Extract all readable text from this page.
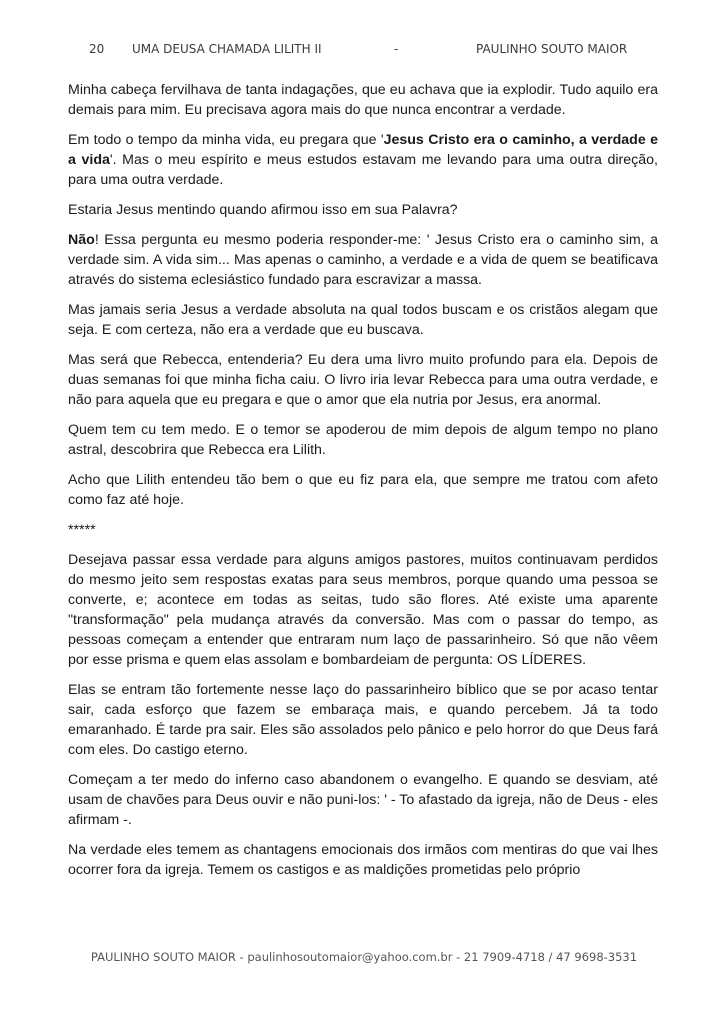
20 UMA DEUSA CHAMADA LILITH II	-	PAULINHO SOUTO MAIOR

Minha cabeça fervilhava de tanta indagações, que eu achava que ia explodir. Tudo aquilo era demais para mim. Eu precisava agora mais do que nunca encontrar a verdade.

Em todo o tempo da minha vida, eu pregara que 'Jesus Cristo era o caminho, a verdade e a vida'. Mas o meu espírito e meus estudos estavam me levando para uma outra direção, para uma outra verdade.

Estaria Jesus mentindo quando afirmou isso em sua Palavra?

Não! Essa pergunta eu mesmo poderia responder-me: ' Jesus Cristo era o caminho sim, a verdade sim. A vida sim... Mas apenas o caminho, a verdade e a vida de quem se beatificava através do sistema eclesiástico fundado para escravizar a massa.

Mas jamais seria Jesus a verdade absoluta na qual todos buscam e os cristãos alegam que seja. E com certeza, não era a verdade que eu buscava.

Mas será que Rebecca, entenderia? Eu dera uma livro muito profundo para ela. Depois de duas semanas foi que minha ficha caiu. O livro iria levar Rebecca para uma outra verdade, e não para aquela que eu pregara e que o amor que ela nutria por Jesus, era anormal.

Quem tem cu tem medo. E o temor se apoderou de mim depois de algum tempo no plano astral, descobrira que Rebecca era Lilith.

Acho que Lilith entendeu tão bem o que eu fiz para ela, que sempre me tratou com afeto como faz até hoje.

*****

Desejava passar essa verdade para alguns amigos pastores, muitos continuavam perdidos do mesmo jeito sem respostas exatas para seus membros, porque quando uma pessoa se converte, e; acontece em todas as seitas, tudo são flores. Até existe uma aparente "transformação" pela mudança através da conversão. Mas com o passar do tempo, as pessoas começam a entender que entraram num laço de passarinheiro. Só que não vêem por esse prisma e quem elas assolam e bombardeiam de pergunta: OS LÍDERES.

Elas se entram tão fortemente nesse laço do passarinheiro bíblico que se por acaso tentar sair, cada esforço que fazem se embaraça mais, e quando percebem. Já ta todo emaranhado. É tarde pra sair. Eles são assolados pelo pânico e pelo horror do que Deus fará com eles. Do castigo eterno.

Começam a ter medo do inferno caso abandonem o evangelho. E quando se desviam, até usam de chavões para Deus ouvir e não puni-los: ' - To afastado da igreja, não de Deus - eles afirmam -.

Na verdade eles temem as chantagens emocionais dos irmãos com mentiras do que vai lhes ocorrer fora da igreja. Temem os castigos e as maldições prometidas pelo próprio

PAULINHO SOUTO MAIOR - paulinhosoutomaior@yahoo.com.br - 21 7909-4718 / 47 9698-3531
